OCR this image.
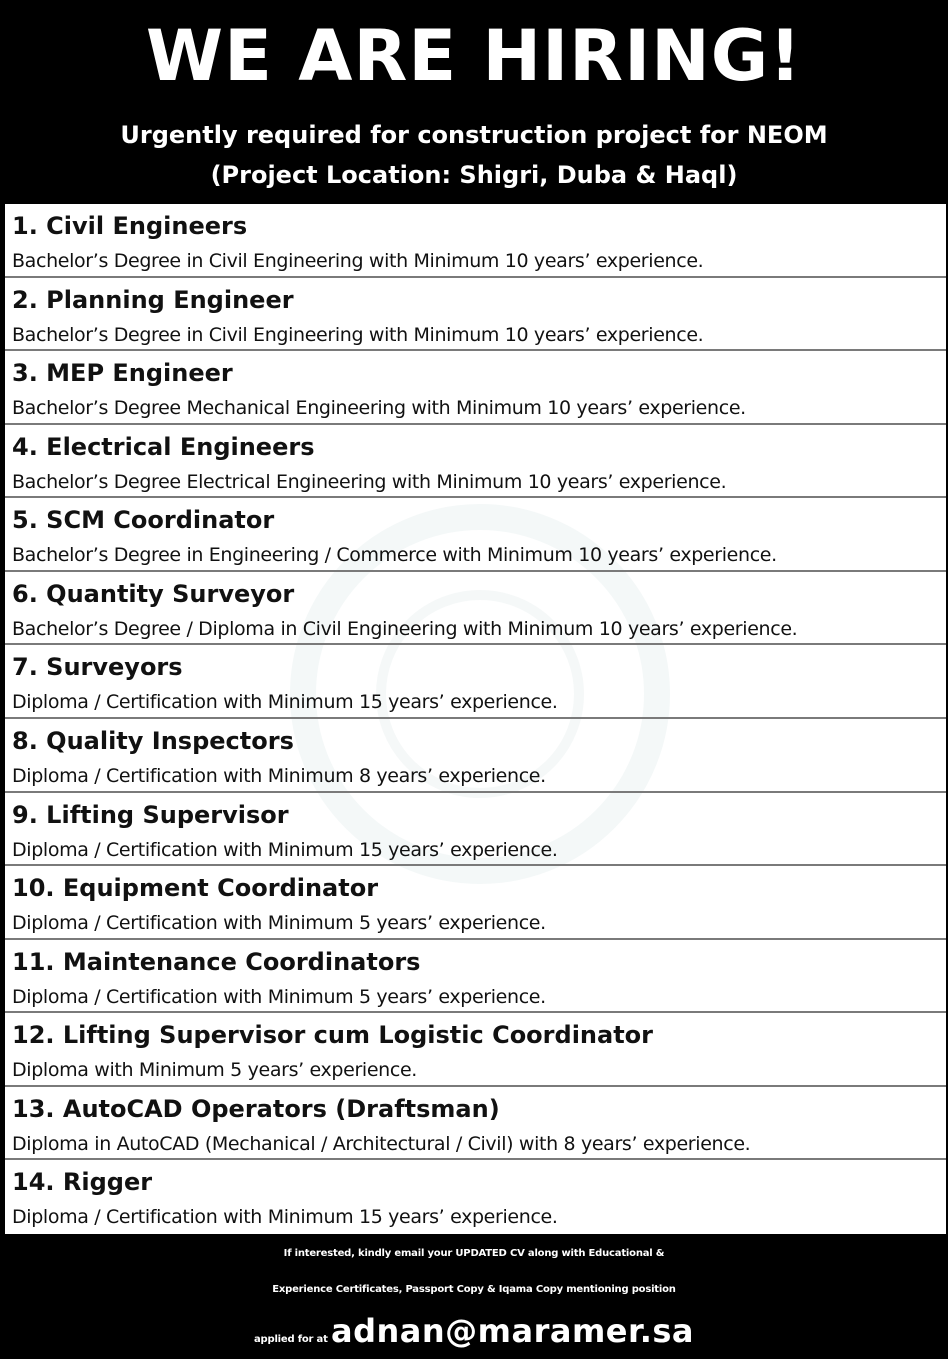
WE ARE HIRING!
Urgently required for construction project for NEOM
(Project Location: Shigri, Duba & Haql)
1. Civil Engineers
Bachelor’s Degree in Civil Engineering with Minimum 10 years’ experience.
2. Planning Engineer
Bachelor’s Degree in Civil Engineering with Minimum 10 years’ experience.
3. MEP Engineer
Bachelor’s Degree Mechanical Engineering with Minimum 10 years’ experience.
4. Electrical Engineers
Bachelor’s Degree Electrical Engineering with Minimum 10 years’ experience.
5. SCM Coordinator
Bachelor’s Degree in Engineering / Commerce with Minimum 10 years’ experience.
6. Quantity Surveyor
Bachelor’s Degree / Diploma in Civil Engineering with Minimum 10 years’ experience.
7. Surveyors
Diploma / Certification with Minimum 15 years’ experience.
8. Quality Inspectors
Diploma / Certification with Minimum 8 years’ experience.
9. Lifting Supervisor
Diploma / Certification with Minimum 15 years’ experience.
10. Equipment Coordinator
Diploma / Certification with Minimum 5 years’ experience.
11. Maintenance Coordinators
Diploma / Certification with Minimum 5 years’ experience.
12. Lifting Supervisor cum Logistic Coordinator
Diploma with Minimum 5 years’ experience.
13. AutoCAD Operators (Draftsman)
Diploma in AutoCAD (Mechanical / Architectural / Civil) with 8 years’ experience.
14. Rigger
Diploma / Certification with Minimum 15 years’ experience.
If interested, kindly email your UPDATED CV along with Educational &
Experience Certificates, Passport Copy & Iqama Copy mentioning position
applied for at adnan@maramer.sa
